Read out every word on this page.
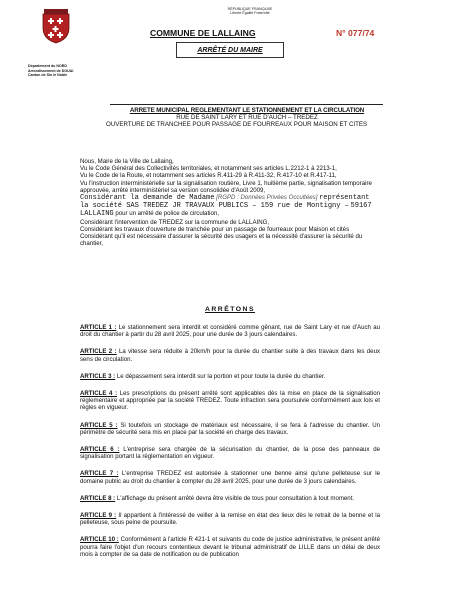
RÉPUBLIQUE FRANÇAISE
Liberté Égalité Fraternité
COMMUNE DE LALLAING	N° 077/74
ARRÊTÉ DU MAIRE
Département du NORD
Arrondissement de DOUAI
Canton de Sin le Noble
ARRETE MUNICIPAL REGLEMENTANT LE STATIONNEMENT ET LA CIRCULATION
RUE DE SAINT LARY ET RUE D'AUCH – TREDEZ
OUVERTURE DE TRANCHEE POUR PASSAGE DE FOURREAUX POUR MAISON ET CITES

Nous, Maire de la Ville de Lallaing,

Vu le Code Général des Collectivités territoriales, et notamment ses articles L.2212-1 à 2213-1,

Vu le Code de la Route, et notamment ses articles R.411-29 à R.411-32, R.417-10 et R.417-11,

Vu l'instruction interministérielle sur la signalisation routière, Livre 1, huitième partie, signalisation temporaire approuvée, arrêté interministériel sa version consolidée d'Août 2009,

Considérant la demande de Madame [RGPD : Données Privées Occultées] représentant la société SAS TREDEZ JR TRAVAUX PUBLICS – 159 rue de Montigny – 59167 LALLAING pour un arrêté de police de circulation,

Considérant l'intervention de TREDEZ sur la commune de LALLAING,

Considérant les travaux d'ouverture de tranchée pour un passage de fourreaux pour Maison et cités

Considérant qu'il est nécessaire d'assurer la sécurité des usagers et la nécessité d'assurer la sécurité du chantier,

ARRÊTONS

ARTICLE 1 : Le stationnement sera interdit et considéré comme gênant, rue de Saint Lary et rue d'Auch au droit du chantier à partir du 28 avril 2025, pour une durée de 3 jours calendaires.

ARTICLE 2 : La vitesse sera réduite à 20km/h pour la durée du chantier suite à des travaux dans les deux sens de circulation.

ARTICLE 3 : Le dépassement sera interdit sur la portion et pour toute la durée du chantier.

ARTICLE 4 : Les prescriptions du présent arrêté sont applicables dès la mise en place de la signalisation réglementaire et appropriée par la société TREDEZ. Toute infraction sera poursuivie conformément aux lois et règles en vigueur.

ARTICLE 5 : Si toutefois un stockage de matériaux est nécessaire, il se fera à l'adresse du chantier. Un périmètre de sécurité sera mis en place par la société en charge des travaux.

ARTICLE 6 : L'entreprise sera chargée de la sécurisation du chantier, de la pose des panneaux de signalisation portant la réglementation en vigueur.

ARTICLE 7 : L'entreprise TREDEZ est autorisée à stationner une benne ainsi qu'une pelleteuse sur le domaine public au droit du chantier à compter du 28 avril 2025, pour une durée de 3 jours calendaires.

ARTICLE 8 : L'affichage du présent arrêté devra être visible de tous pour consultation à tout moment.

ARTICLE 9 : Il appartient à l'intéressé de veiller à la remise en état des lieux dès le retrait de la benne et la pelleteuse, sous peine de poursuite.

ARTICLE 10 : Conformément à l'article R 421-1 et suivants du code de justice administrative, le présent arrêté pourra faire l'objet d'un recours contentieux devant le tribunal administratif de LILLE dans un délai de deux mois à compter de sa date de notification ou de publication
